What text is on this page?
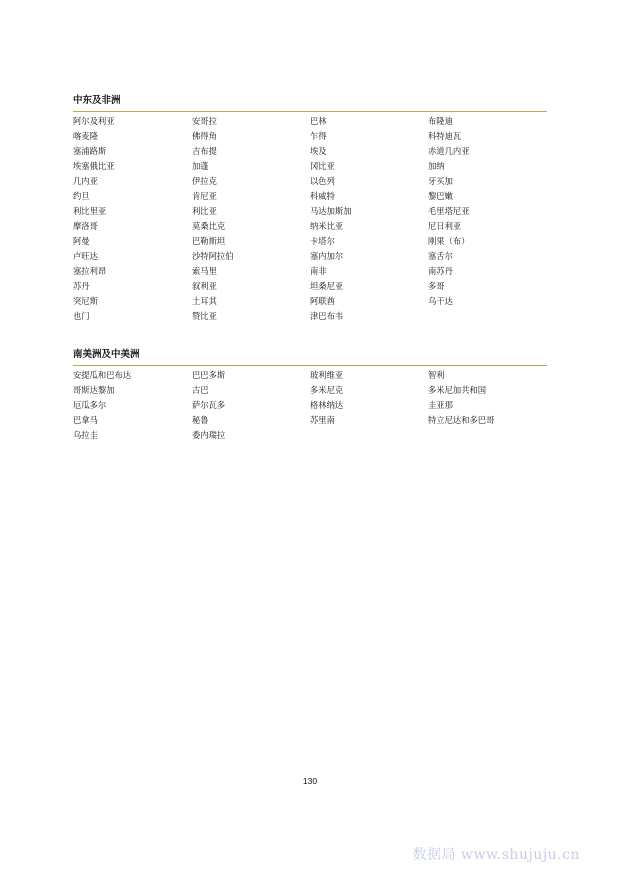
中东及非洲
阿尔及利亚	安哥拉	巴林	布隆迪
喀麦隆	佛得角	乍得	科特迪瓦
塞浦路斯	吉布提	埃及	赤道几内亚
埃塞俄比亚	加蓬	冈比亚	加纳
几内亚	伊拉克	以色列	牙买加
约旦	肯尼亚	科威特	黎巴嫩
利比里亚	利比亚	马达加斯加	毛里塔尼亚
摩洛哥	莫桑比克	纳米比亚	尼日利亚
阿曼	巴勒斯坦	卡塔尔	刚果（布）
卢旺达	沙特阿拉伯	塞内加尔	塞舌尔
塞拉利昂	索马里	南非	南苏丹
苏丹	叙利亚	坦桑尼亚	多哥
突尼斯	土耳其	阿联酋	乌干达
也门	赞比亚	津巴布韦
南美洲及中美洲
安提瓜和巴布达	巴巴多斯	玻利维亚	智利
哥斯达黎加	古巴	多米尼克	多米尼加共和国
厄瓜多尔	萨尔瓦多	格林纳达	圭亚那
巴拿马	秘鲁	苏里南	特立尼达和多巴哥
乌拉圭	委内瑞拉
130
数据局 www.shujuju.cn
